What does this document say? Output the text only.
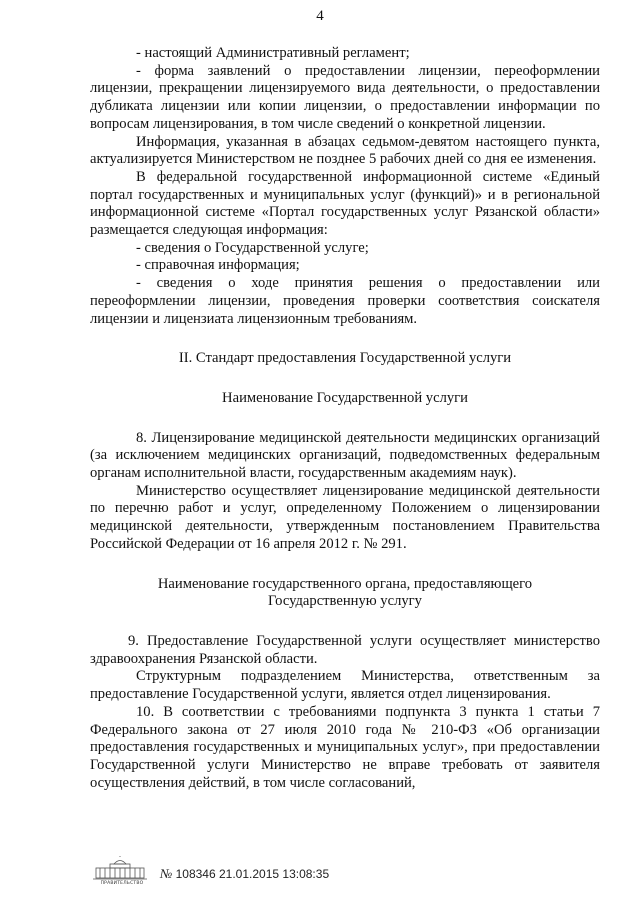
4

- настоящий Административный регламент;

- форма заявлений о предоставлении лицензии, переоформлении лицензии, прекращении лицензируемого вида деятельности, о предоставлении дубликата лицензии или копии лицензии, о предоставлении информации по вопросам лицензирования, в том числе сведений о конкретной лицензии.

Информация, указанная в абзацах седьмом-девятом настоящего пункта, актуализируется Министерством не позднее 5 рабочих дней со дня ее изменения.

В федеральной государственной информационной системе «Единый портал государственных и муниципальных услуг (функций)» и в региональной информационной системе «Портал государственных услуг Рязанской области» размещается следующая информация:

- сведения о Государственной услуге;

- справочная информация;

- сведения о ходе принятия решения о предоставлении или переоформлении лицензии, проведения проверки соответствия соискателя лицензии и лицензиата лицензионным требованиям.

II. Стандарт предоставления Государственной услуги
Наименование Государственной услуги

8. Лицензирование медицинской деятельности медицинских организаций (за исключением медицинских организаций, подведомственных федеральным органам исполнительной власти, государственным академиям наук).

Министерство осуществляет лицензирование медицинской деятельности по перечню работ и услуг, определенному Положением о лицензировании медицинской деятельности, утвержденным постановлением Правительства Российской Федерации от 16 апреля 2012 г. № 291.

Наименование государственного органа, предоставляющего
Государственную услугу

9. Предоставление Государственной услуги осуществляет министерство здравоохранения Рязанской области.

Структурным подразделением Министерства, ответственным за предоставление Государственной услуги, является отдел лицензирования.

10. В соответствии с требованиями подпункта 3 пункта 1 статьи 7 Федерального закона от 27 июля 2010 года № 210-ФЗ «Об организации предоставления государственных и муниципальных услуг», при предоставлении Государственной услуги Министерство не вправе требовать от заявителя осуществления действий, в том числе согласований,

ПРАВИТЕЛЬСТВО
№ 108346 21.01.2015 13:08:35
